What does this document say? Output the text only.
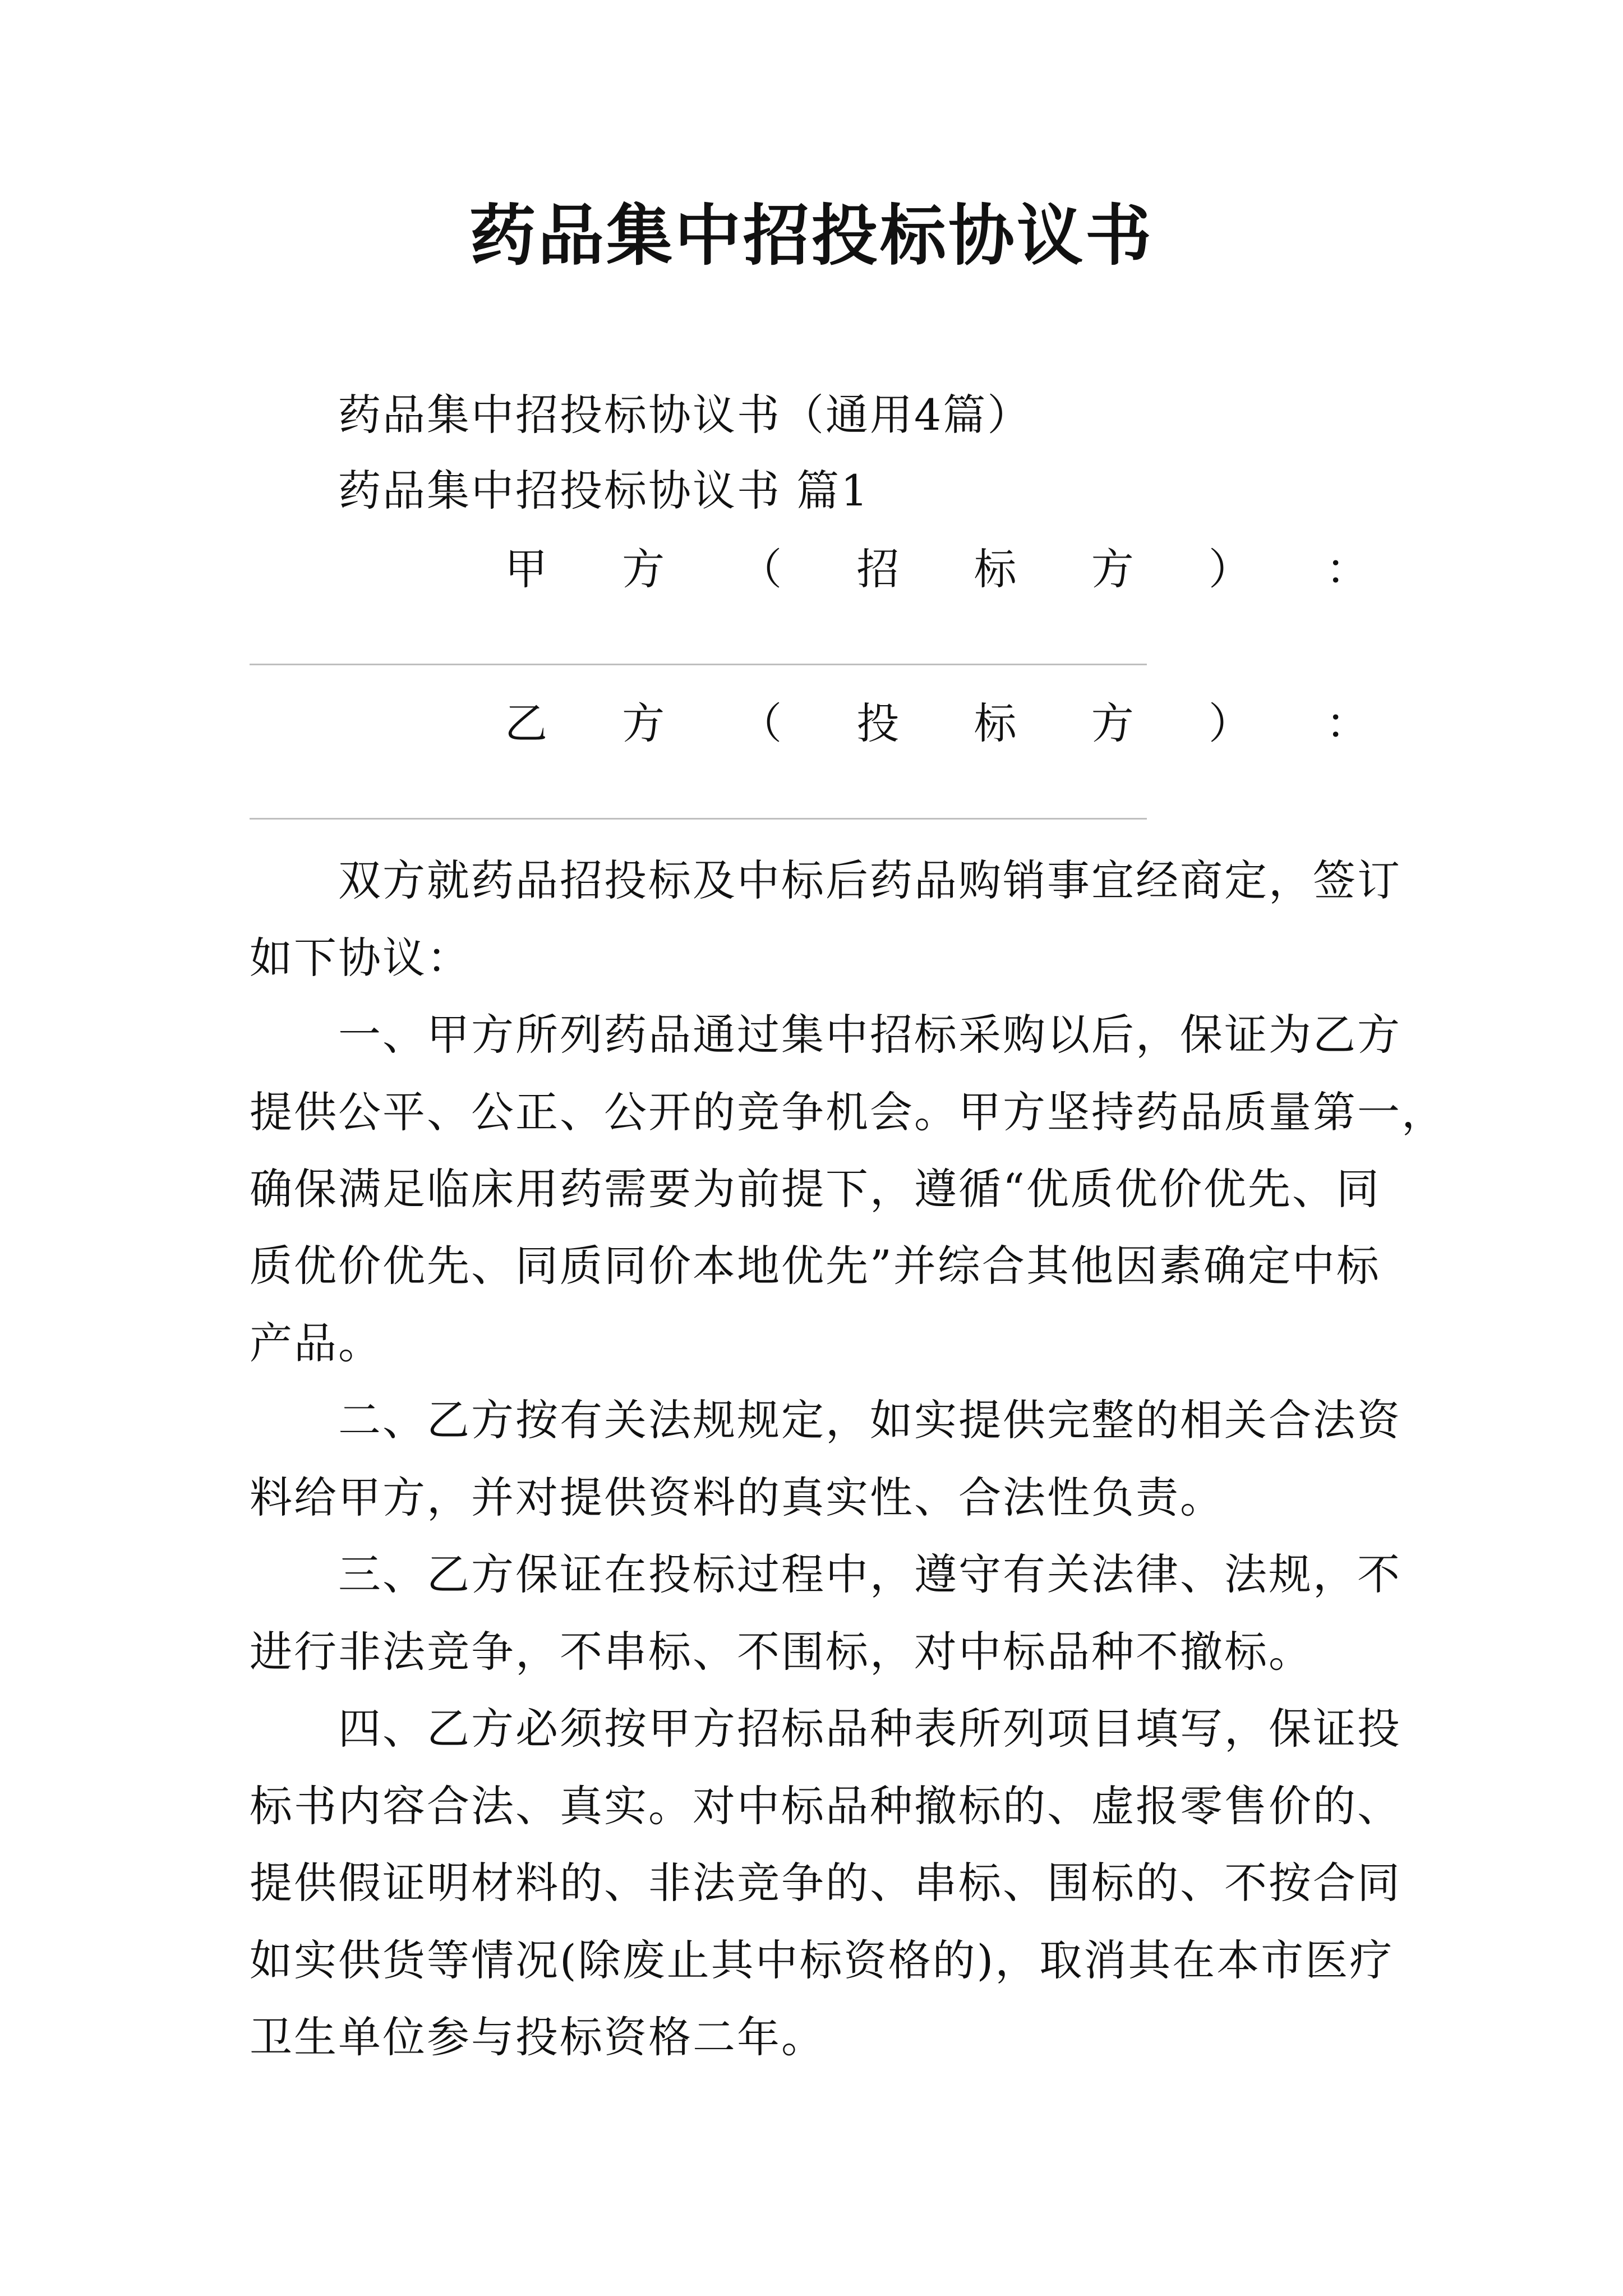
药品集中招投标协议书
药品集中招投标协议书（通用4篇）
药品集中招投标协议书 篇1
甲 方 （ 招 标 方 ） ：
乙 方 （ 投 标 方 ） ：
双方就药品招投标及中标后药品购销事宜经商定，签订
如下协议：
一、甲方所列药品通过集中招标采购以后，保证为乙方
提供公平、公正、公开的竞争机会。甲方坚持药品质量第一，
确保满足临床用药需要为前提下，遵循“优质优价优先、同
质优价优先、同质同价本地优先”并综合其他因素确定中标
产品。
二、乙方按有关法规规定，如实提供完整的相关合法资
料给甲方，并对提供资料的真实性、合法性负责。
三、乙方保证在投标过程中，遵守有关法律、法规，不
进行非法竞争，不串标、不围标，对中标品种不撤标。
四、乙方必须按甲方招标品种表所列项目填写，保证投
标书内容合法、真实。对中标品种撤标的、虚报零售价的、
提供假证明材料的、非法竞争的、串标、围标的、不按合同
如实供货等情况(除废止其中标资格的)，取消其在本市医疗
卫生单位参与投标资格二年。
